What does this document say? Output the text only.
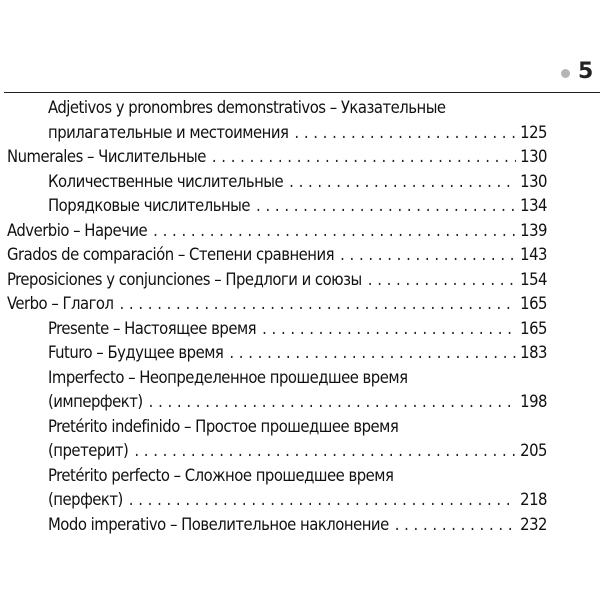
5
Adjetivos y pronombres demonstrativos – Указательные
прилагательные и местоимения . . .	125
Numerales – Числительные . . .	130
Количественные числительные . . .	130
Порядковые числительные . . .	134
Adverbio – Наречие . . .	139
Grados de comparación – Степени сравнения . . .	143
Preposiciones y conjunciones – Предлоги и союзы . . .	154
Verbo – Глагол . . .	165
Presente – Настоящее время . . .	165
Futuro – Будущее время . . .	183
Imperfecto – Неопределенное прошедшее время
(имперфект) . . .	198
Pretérito indefinido – Простое прошедшее время
(претерит) . . .	205
Pretérito perfecto – Сложное прошедшее время
(перфект) . . .	218
Modo imperativo – Повелительное наклонение . . .	232
